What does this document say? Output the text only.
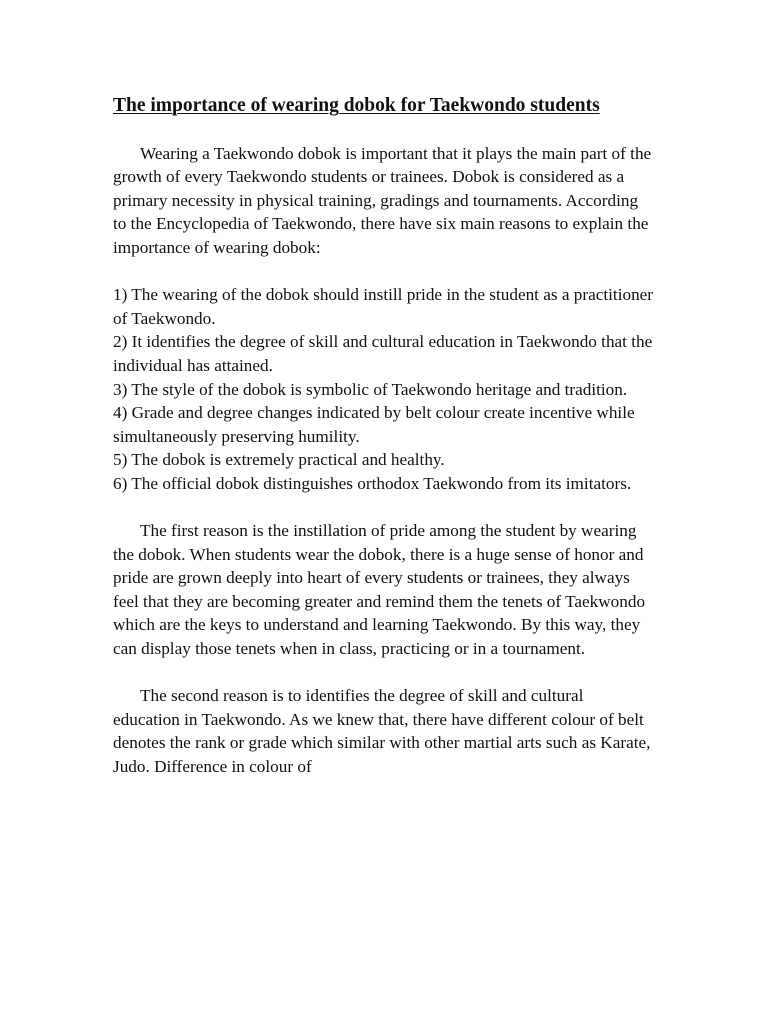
The importance of wearing dobok for Taekwondo students

Wearing a Taekwondo dobok is important that it plays the main part of the growth of every Taekwondo students or trainees. Dobok is considered as a primary necessity in physical training, gradings and tournaments. According to the Encyclopedia of Taekwondo, there have six main reasons to explain the importance of wearing dobok:

1) The wearing of the dobok should instill pride in the student as a practitioner of Taekwondo.
2) It identifies the degree of skill and cultural education in Taekwondo that the individual has attained.
3) The style of the dobok is symbolic of Taekwondo heritage and tradition.
4) Grade and degree changes indicated by belt colour create incentive while simultaneously preserving humility.
5) The dobok is extremely practical and healthy.
6) The official dobok distinguishes orthodox Taekwondo from its imitators.

The first reason is the instillation of pride among the student by wearing the dobok. When students wear the dobok, there is a huge sense of honor and pride are grown deeply into heart of every students or trainees, they always feel that they are becoming greater and remind them the tenets of Taekwondo which are the keys to understand and learning Taekwondo. By this way, they can display those tenets when in class, practicing or in a tournament.

The second reason is to identifies the degree of skill and cultural education in Taekwondo. As we knew that, there have different colour of belt denotes the rank or grade which similar with other martial arts such as Karate, Judo. Difference in colour of
